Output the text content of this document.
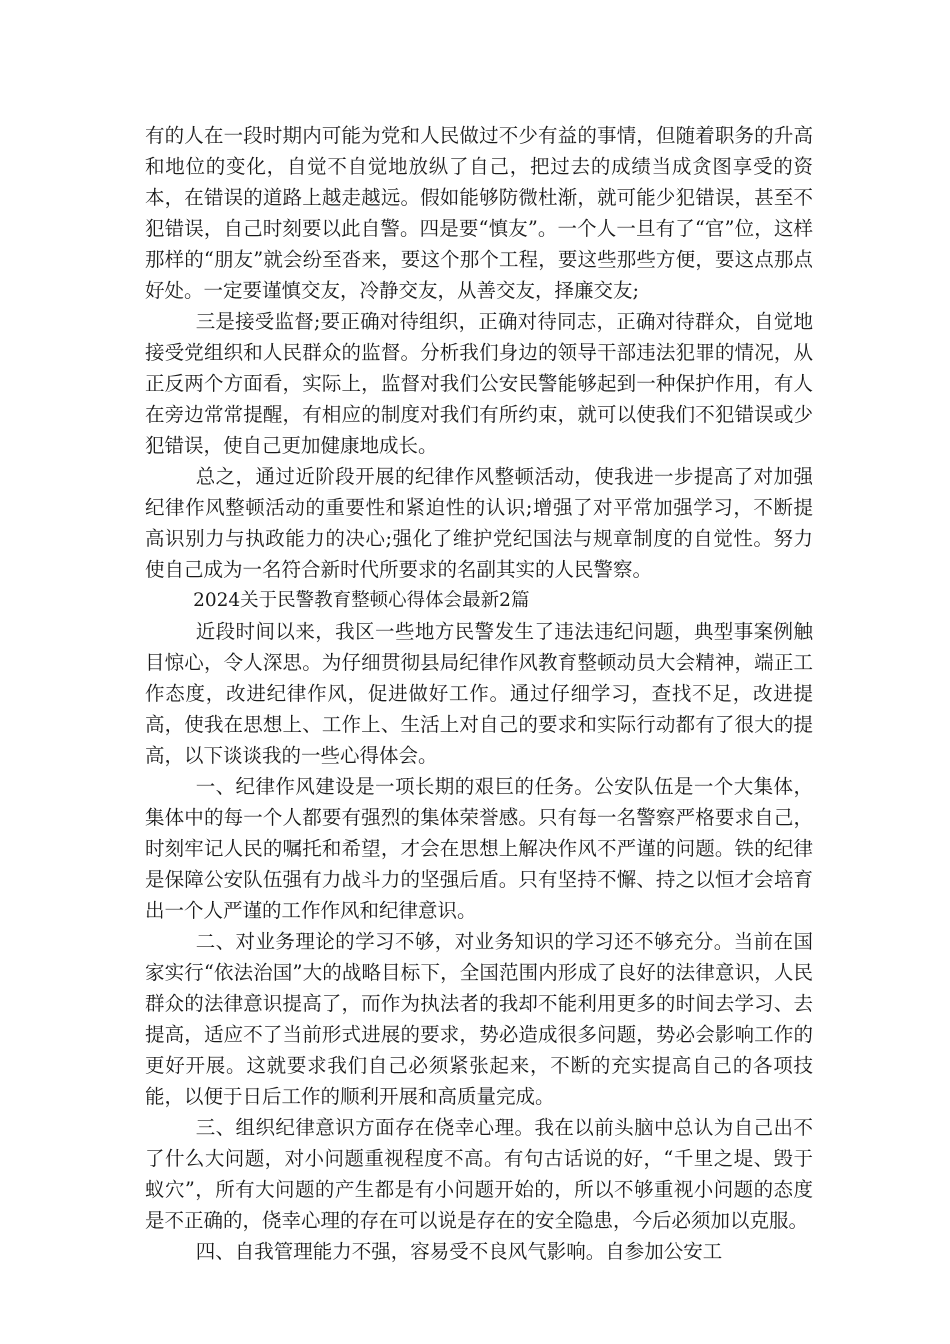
有的人在一段时期内可能为党和人民做过不少有益的事情，但随着职务的升高和地位的变化，自觉不自觉地放纵了自己，把过去的成绩当成贪图享受的资本，在错误的道路上越走越远。假如能够防微杜渐，就可能少犯错误，甚至不犯错误，自己时刻要以此自警。四是要“慎友”。一个人一旦有了“官”位，这样那样的“朋友”就会纷至沓来，要这个那个工程，要这些那些方便，要这点那点好处。一定要谨慎交友，冷静交友，从善交友，择廉交友;

三是接受监督;要正确对待组织，正确对待同志，正确对待群众，自觉地接受党组织和人民群众的监督。分析我们身边的领导干部违法犯罪的情况，从正反两个方面看，实际上，监督对我们公安民警能够起到一种保护作用，有人在旁边常常提醒，有相应的制度对我们有所约束，就可以使我们不犯错误或少犯错误，使自己更加健康地成长。

总之，通过近阶段开展的纪律作风整顿活动，使我进一步提高了对加强纪律作风整顿活动的重要性和紧迫性的认识;增强了对平常加强学习，不断提高识别力与执政能力的决心;强化了维护党纪国法与规章制度的自觉性。努力使自己成为一名符合新时代所要求的名副其实的人民警察。

2024关于民警教育整顿心得体会最新2篇

近段时间以来，我区一些地方民警发生了违法违纪问题，典型事案例触目惊心，令人深思。为仔细贯彻县局纪律作风教育整顿动员大会精神，端正工作态度，改进纪律作风，促进做好工作。通过仔细学习，查找不足，改进提高，使我在思想上、工作上、生活上对自己的要求和实际行动都有了很大的提高，以下谈谈我的一些心得体会。

一、纪律作风建设是一项长期的艰巨的任务。公安队伍是一个大集体，集体中的每一个人都要有强烈的集体荣誉感。只有每一名警察严格要求自己，时刻牢记人民的嘱托和希望，才会在思想上解决作风不严谨的问题。铁的纪律是保障公安队伍强有力战斗力的坚强后盾。只有坚持不懈、持之以恒才会培育出一个人严谨的工作作风和纪律意识。

二、对业务理论的学习不够，对业务知识的学习还不够充分。当前在国家实行“依法治国”大的战略目标下，全国范围内形成了良好的法律意识，人民群众的法律意识提高了，而作为执法者的我却不能利用更多的时间去学习、去提高，适应不了当前形式进展的要求，势必造成很多问题，势必会影响工作的更好开展。这就要求我们自己必须紧张起来，不断的充实提高自己的各项技能，以便于日后工作的顺利开展和高质量完成。

三、组织纪律意识方面存在侥幸心理。我在以前头脑中总认为自己出不了什么大问题，对小问题重视程度不高。有句古话说的好，“千里之堤、毁于蚁穴”，所有大问题的产生都是有小问题开始的，所以不够重视小问题的态度是不正确的，侥幸心理的存在可以说是存在的安全隐患，今后必须加以克服。

四、自我管理能力不强，容易受不良风气影响。自参加公安工
